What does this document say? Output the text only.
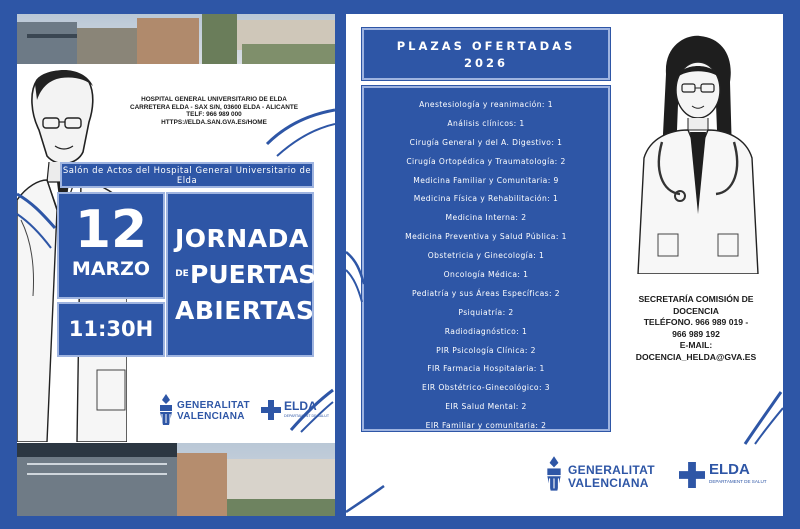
HOSPITAL GENERAL UNIVERSITARIO DE ELDA
CARRETERA ELDA - SAX S/N, 03600 ELDA - ALICANTE
TELF: 966 989 000
HTTPS://ELDA.SAN.GVA.ES/HOME
Salón de Actos del Hospital General Universitario de Elda
12
MARZO
11:30H
JORNADA
DE PUERTAS
ABIERTAS
GENERALITAT
VALENCIANA
ELDA
DEPARTAMENT DE SALUT
PLAZAS OFERTADAS
2026
Anestesiología y reanimación: 1
Análisis clínicos: 1
Cirugía General y del A. Digestivo: 1
Cirugía Ortopédica y Traumatología: 2
Medicina Familiar y Comunitaria: 9
Medicina Física y Rehabilitación: 1
Medicina Interna: 2
Medicina Preventiva y Salud Pública: 1
Obstetricia y Ginecología: 1
Oncología Médica: 1
Pediatría y sus Áreas Específicas: 2
Psiquiatría: 2
Radiodiagnóstico: 1
PIR Psicología Clínica: 2
FIR Farmacia Hospitalaria: 1
EIR Obstétrico-Ginecológico: 3
EIR Salud Mental: 2
EIR Familiar y comunitaria: 2
SECRETARÍA COMISIÓN DE
DOCENCIA
TELÉFONO. 966 989 019 -
966 989 192
E-MAIL:
DOCENCIA_HELDA@GVA.ES
GENERALITAT
VALENCIANA
ELDA
DEPARTAMENT DE SALUT
